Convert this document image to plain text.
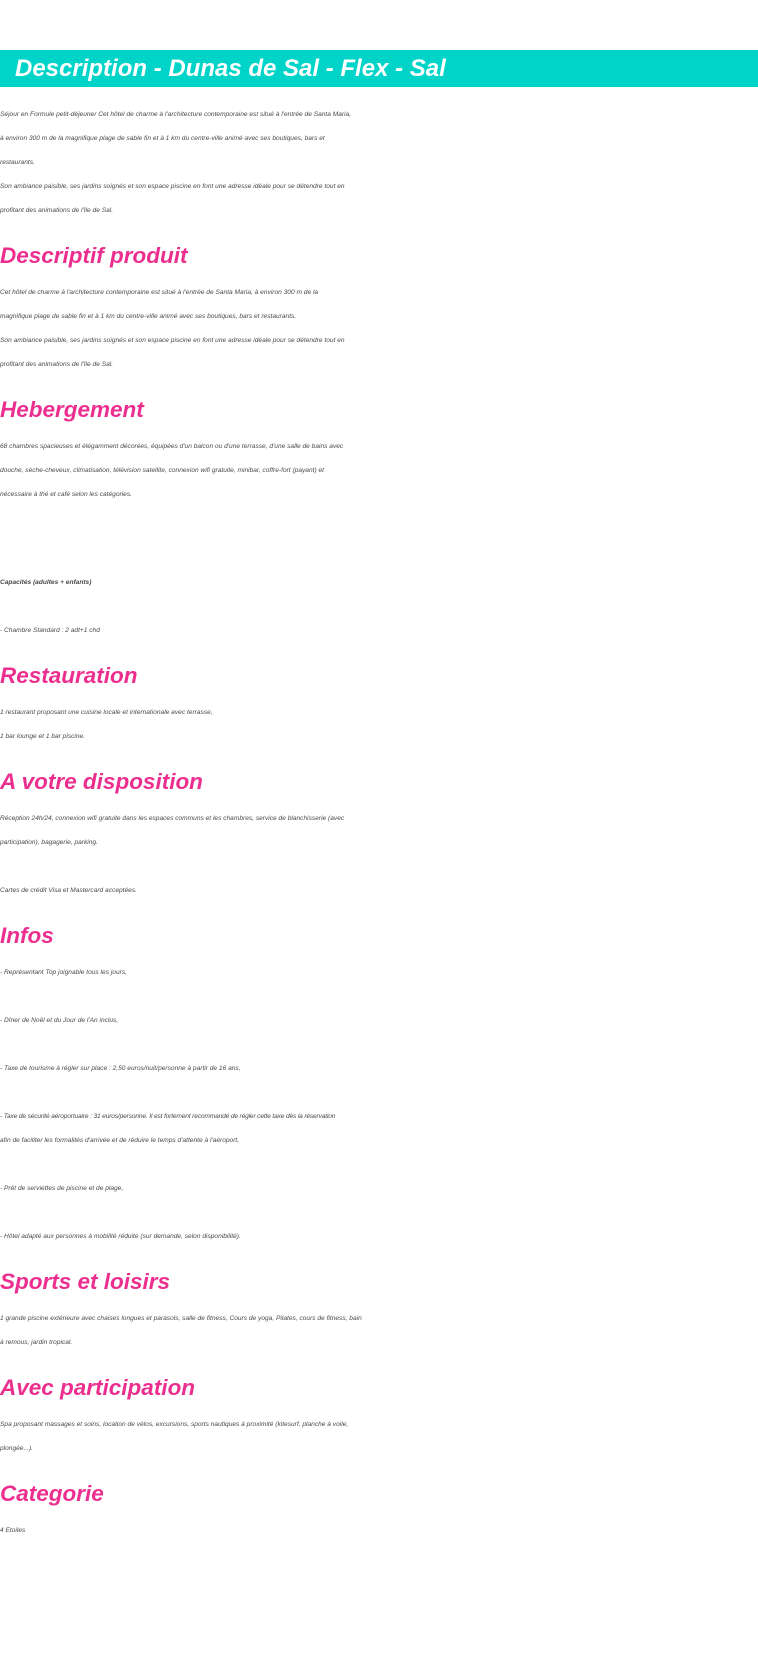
Description - Dunas de Sal - Flex - Sal

Séjour en Formule petit-déjeuner Cet hôtel de charme à l'architecture contemporaine est situé à l'entrée de Santa Maria,

à environ 300 m de la magnifique plage de sable fin et à 1 km du centre-ville animé avec ses boutiques, bars et

restaurants.

Son ambiance paisible, ses jardins soignés et son espace piscine en font une adresse idéale pour se détendre tout en

profitant des animations de l'île de Sal.

Descriptif produit

Cet hôtel de charme à l'architecture contemporaine est situé à l'entrée de Santa Maria, à environ 300 m de la

magnifique plage de sable fin et à 1 km du centre-ville animé avec ses boutiques, bars et restaurants.

Son ambiance paisible, ses jardins soignés et son espace piscine en font une adresse idéale pour se détendre tout en

profitant des animations de l'île de Sal.

Hebergement

68 chambres spacieuses et élégamment décorées, équipées d'un balcon ou d'une terrasse, d'une salle de bains avec

douche, sèche-cheveux, climatisation, télévision satellite, connexion wifi gratuite, minibar, coffre-fort (payant) et

nécessaire à thé et café selon les catégories.

Capacités (adultes + enfants)

- Chambre Standard : 2 adt+1 chd

Restauration

1 restaurant proposant une cuisine locale et internationale avec terrasse,

1 bar lounge et 1 bar piscine.

A votre disposition

Réception 24h/24, connexion wifi gratuite dans les espaces communs et les chambres, service de blanchisserie (avec

participation), bagagerie, parking.

Cartes de crédit Visa et Mastercard acceptées.

Infos

- Représentant Top joignable tous les jours,

- Dîner de Noël et du Jour de l'An inclus,

- Taxe de tourisme à régler sur place : 2,50 euros/nuit/personne à partir de 16 ans,

- Taxe de sécurité aéroportuaire : 31 euros/personne. Il est fortement recommandé de régler cette taxe dès la réservation

afin de faciliter les formalités d'arrivée et de réduire le temps d'attente à l'aéroport,

- Prêt de serviettes de piscine et de plage,

- Hôtel adapté aux personnes à mobilité réduite (sur demande, selon disponibilité).

Sports et loisirs

1 grande piscine extérieure avec chaises longues et parasols, salle de fitness, Cours de yoga, Pilates, cours de fitness, bain

à remous, jardin tropical.

Avec participation

Spa proposant massages et soins, location de vélos, excursions, sports nautiques à proximité (kitesurf, planche à voile,

plongée...).

Categorie

4 Etoiles
